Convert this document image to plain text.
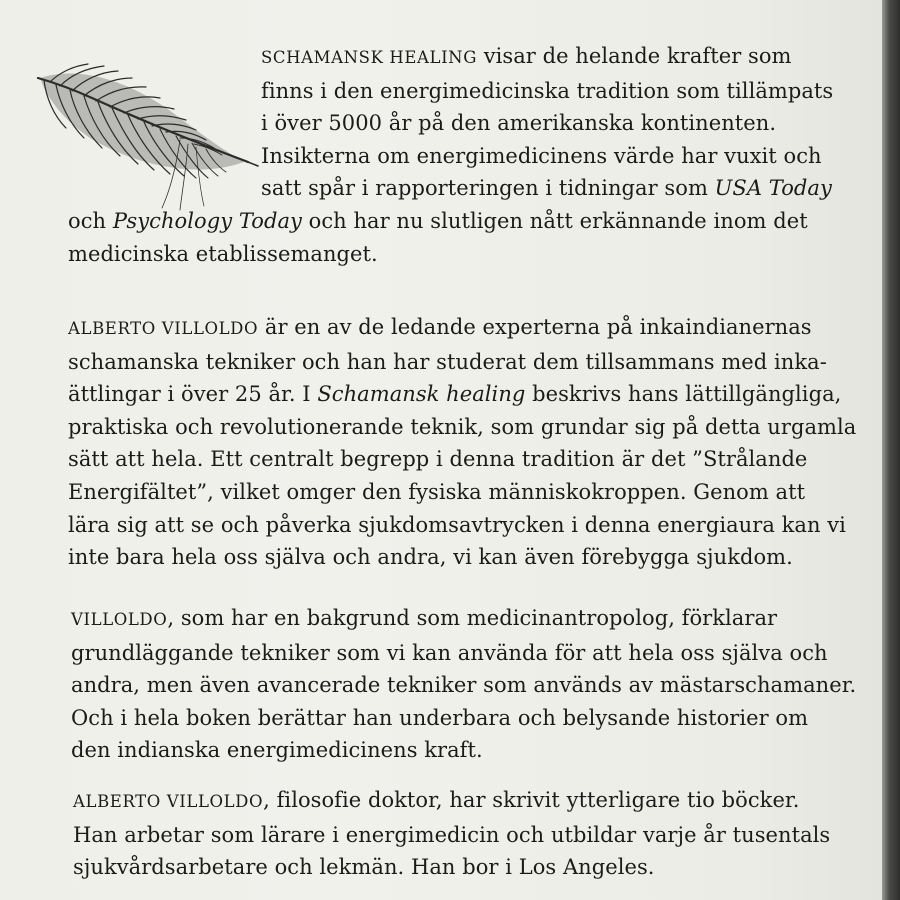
SCHAMANSK HEALING visar de helande krafter som
finns i den energimedicinska tradition som tillämpats
i över 5000 år på den amerikanska kontinenten.
Insikterna om energimedicinens värde har vuxit och
satt spår i rapporteringen i tidningar som USA Today
och Psychology Today och har nu slutligen nått erkännande inom det
medicinska etablissemanget.
ALBERTO VILLOLDO är en av de ledande experterna på inkaindianernas
schamanska tekniker och han har studerat dem tillsammans med inka-
ättlingar i över 25 år. I Schamansk healing beskrivs hans lättillgängliga,
praktiska och revolutionerande teknik, som grundar sig på detta urgamla
sätt att hela. Ett centralt begrepp i denna tradition är det ”Strålande
Energifältet”, vilket omger den fysiska människokroppen. Genom att
lära sig att se och påverka sjukdomsavtrycken i denna energiaura kan vi
inte bara hela oss själva och andra, vi kan även förebygga sjukdom.
VILLOLDO, som har en bakgrund som medicinantropolog, förklarar
grundläggande tekniker som vi kan använda för att hela oss själva och
andra, men även avancerade tekniker som används av mästarschamaner.
Och i hela boken berättar han underbara och belysande historier om
den indianska energimedicinens kraft.
ALBERTO VILLOLDO, filosofie doktor, har skrivit ytterligare tio böcker.
Han arbetar som lärare i energimedicin och utbildar varje år tusentals
sjukvårdsarbetare och lekmän. Han bor i Los Angeles.
